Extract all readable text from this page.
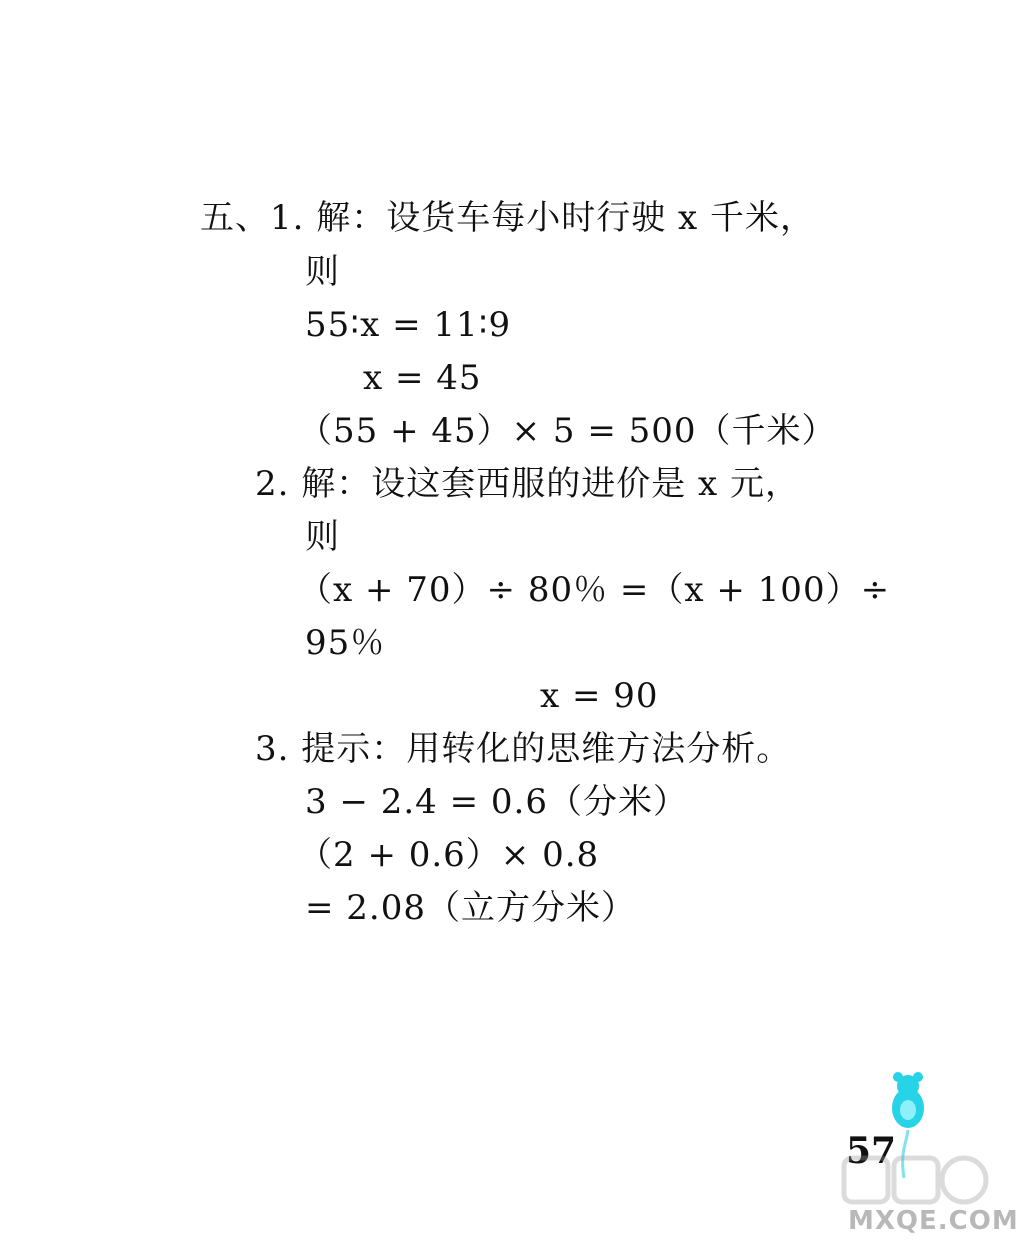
五、1. 解：设货车每小时行驶 x 千米，
则
55∶x = 11∶9
x = 45
（55 + 45）× 5 = 500（千米）
2. 解：设这套西服的进价是 x 元，
则
（x + 70）÷ 80％ =（x + 100）÷
95％
x = 90
3. 提示：用转化的思维方法分析。
3 − 2.4 = 0.6（分米）
（2 + 0.6）× 0.8
= 2.08（立方分米）
57
MXQE.COM
